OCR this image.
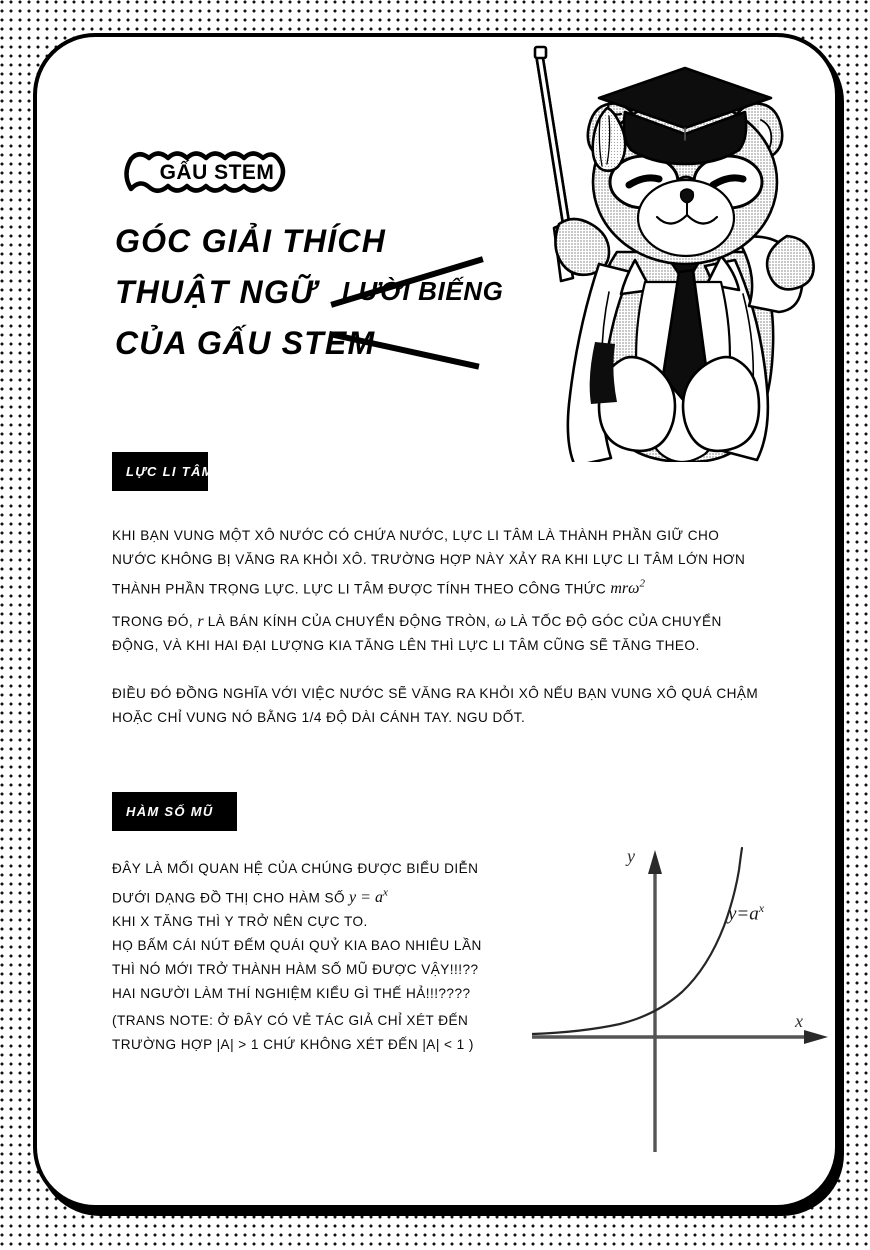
GẤU STEM
GÓC GIẢI THÍCH
THUẬT NGỮ
CỦA GẤU STEM
LƯỜI BIẾNG
LỰC LI TÂM
KHI BẠN VUNG MỘT XÔ NƯỚC CÓ CHỨA NƯỚC, LỰC LI TÂM LÀ THÀNH PHẦN GIỮ CHO NƯỚC KHÔNG BỊ VĂNG RA KHỎI XÔ. TRƯỜNG HỢP NÀY XẢY RA KHI LỰC LI TÂM LỚN HƠN THÀNH PHẦN TRỌNG LỰC. LỰC LI TÂM ĐƯỢC TÍNH THEO CÔNG THỨC mrω$^2$
TRONG ĐÓ, r LÀ BÁN KÍNH CỦA CHUYỂN ĐỘNG TRÒN, ω LÀ TỐC ĐỘ GÓC CỦA CHUYỂN ĐỘNG, VÀ KHI HAI ĐẠI LƯỢNG KIA TĂNG LÊN THÌ LỰC LI TÂM CŨNG SẼ TĂNG THEO.
ĐIỀU ĐÓ ĐỒNG NGHĨA VỚI VIỆC NƯỚC SẼ VĂNG RA KHỎI XÔ NẾU BẠN VUNG XÔ QUÁ CHẬM HOẶC CHỈ VUNG NÓ BẰNG 1/4 ĐỘ DÀI CÁNH TAY. NGU DỐT.
HÀM SỐ MŨ
ĐÂY LÀ MỐI QUAN HỆ CỦA CHÚNG ĐƯỢC BIỂU DIỄN
DƯỚI DẠNG ĐỒ THỊ CHO HÀM SỐ $y = a^x$
KHI X TĂNG THÌ Y TRỞ NÊN CỰC TO.
HỌ BẤM CÁI NÚT ĐẾM QUÁI QUỶ KIA BAO NHIÊU LẦN
THÌ NÓ MỚI TRỞ THÀNH HÀM SỐ MŨ ĐƯỢC VẬY!!!??
HAI NGƯỜI LÀM THÍ NGHIỆM KIỂU GÌ THẾ HẢ!!!????
(TRANS NOTE: Ở ĐÂY CÓ VẺ TÁC GIẢ CHỈ XÉT ĐẾN
TRƯỜNG HỢP |A| > 1 CHỨ KHÔNG XÉT ĐẾN |A| < 1 )
y
x
$y=a^x$
